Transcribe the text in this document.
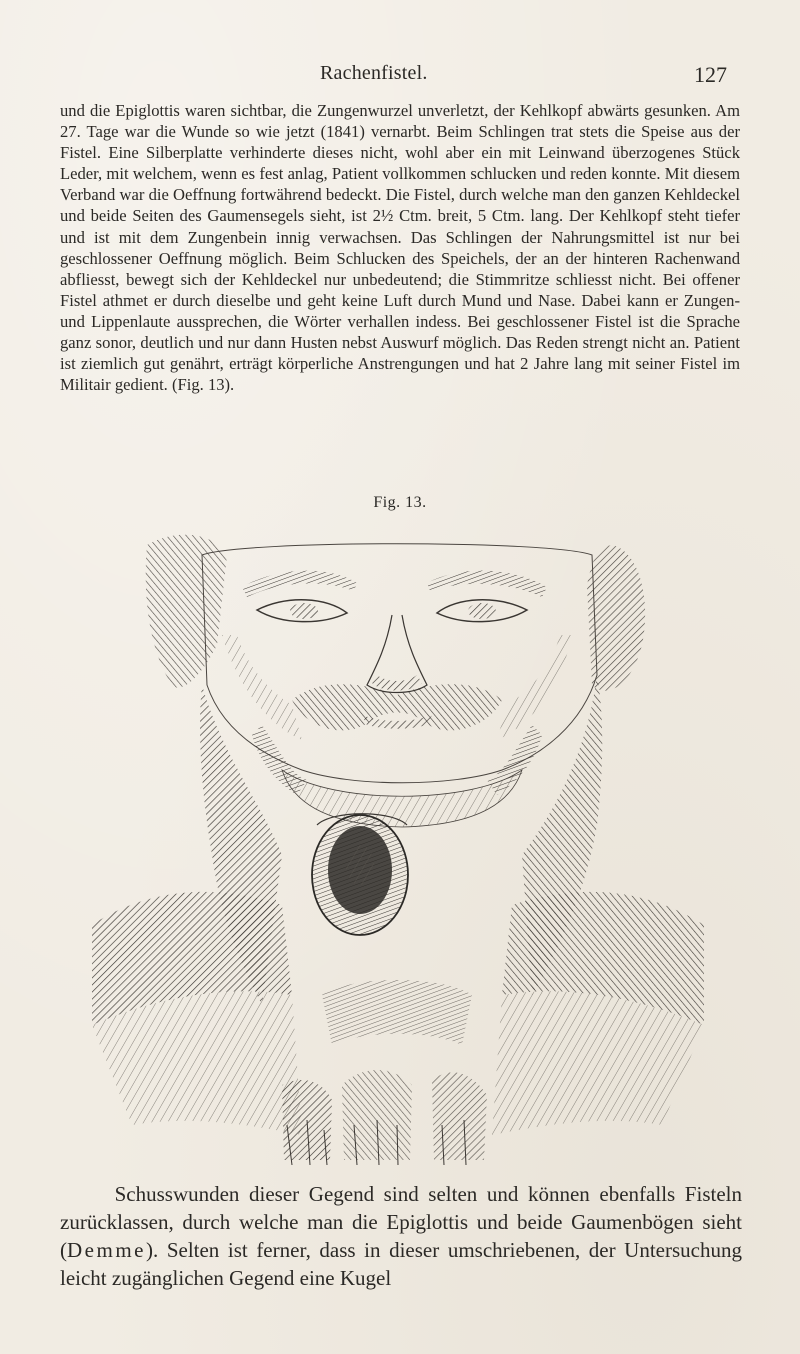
Rachenfistel.	127

und die Epiglottis waren sichtbar, die Zungenwurzel unverletzt, der Kehlkopf abwärts gesunken. Am 27. Tage war die Wunde so wie jetzt (1841) vernarbt. Beim Schlingen trat stets die Speise aus der Fistel. Eine Silberplatte verhinderte dieses nicht, wohl aber ein mit Leinwand überzogenes Stück Leder, mit welchem, wenn es fest anlag, Patient vollkommen schlucken und reden konnte. Mit diesem Verband war die Oeffnung fortwährend bedeckt. Die Fistel, durch welche man den ganzen Kehldeckel und beide Seiten des Gaumensegels sieht, ist 2½ Ctm. breit, 5 Ctm. lang. Der Kehlkopf steht tiefer und ist mit dem Zungenbein innig verwachsen. Das Schlingen der Nahrungsmittel ist nur bei geschlossener Oeffnung möglich. Beim Schlucken des Speichels, der an der hinteren Rachenwand abfliesst, bewegt sich der Kehldeckel nur unbedeutend; die Stimmritze schliesst nicht. Bei offener Fistel athmet er durch dieselbe und geht keine Luft durch Mund und Nase. Dabei kann er Zungen- und Lippenlaute aussprechen, die Wörter verhallen indess. Bei geschlossener Fistel ist die Sprache ganz sonor, deutlich und nur dann Husten nebst Auswurf möglich. Das Reden strengt nicht an. Patient ist ziemlich gut genährt, erträgt körperliche Anstrengungen und hat 2 Jahre lang mit seiner Fistel im Militair gedient. (Fig. 13).

Fig. 13.

Schusswunden dieser Gegend sind selten und können ebenfalls Fisteln zurücklassen, durch welche man die Epiglottis und beide Gaumenbögen sieht (Demme). Selten ist ferner, dass in dieser umschriebenen, der Untersuchung leicht zugänglichen Gegend eine Kugel
